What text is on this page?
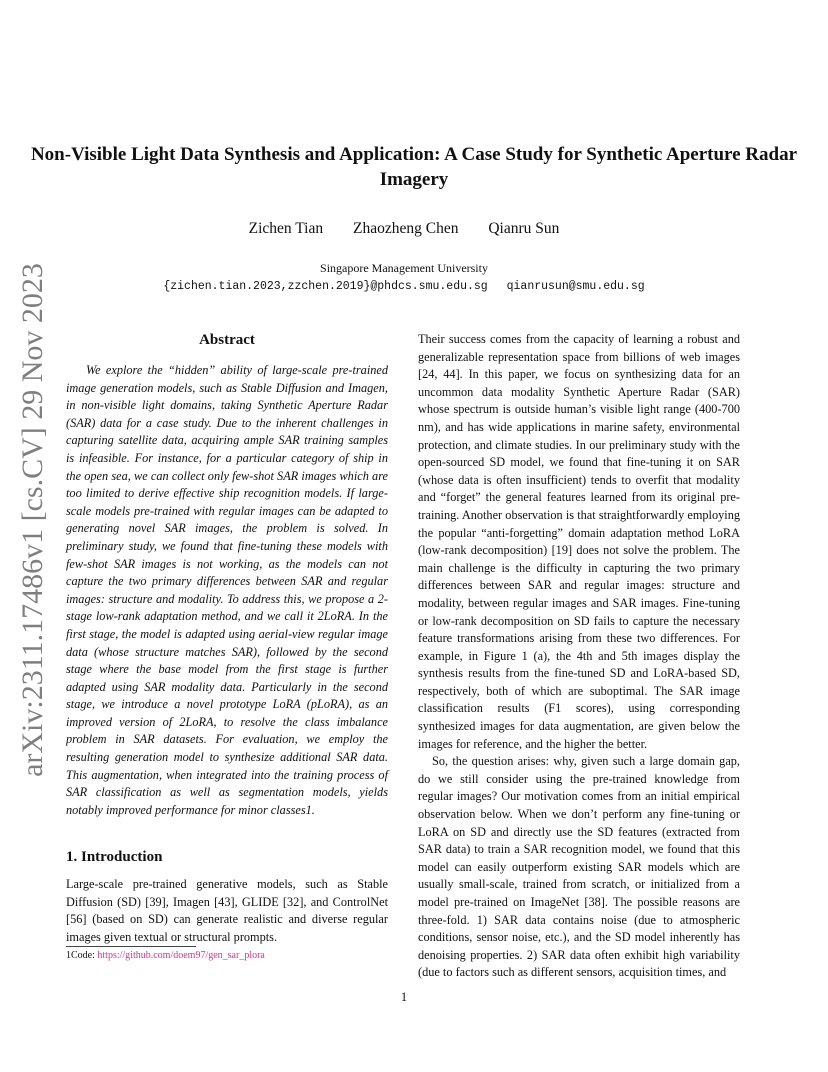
arXiv:2311.17486v1 [cs.CV] 29 Nov 2023
Non-Visible Light Data Synthesis and Application: A Case Study for Synthetic Aperture Radar Imagery
Zichen Tian Zhaozheng Chen Qianru Sun
Singapore Management University
{zichen.tian.2023,zzchen.2019}@phdcs.smu.edu.sg qianrusun@smu.edu.sg
Abstract

We explore the “hidden” ability of large-scale pre-trained image generation models, such as Stable Diffusion and Imagen, in non-visible light domains, taking Synthetic Aperture Radar (SAR) data for a case study. Due to the inherent challenges in capturing satellite data, acquiring ample SAR training samples is infeasible. For instance, for a particular category of ship in the open sea, we can collect only few-shot SAR images which are too limited to derive effective ship recognition models. If large-scale models pre-trained with regular images can be adapted to generating novel SAR images, the problem is solved. In preliminary study, we found that fine-tuning these models with few-shot SAR images is not working, as the models can not capture the two primary differences between SAR and regular images: structure and modality. To address this, we propose a 2-stage low-rank adaptation method, and we call it 2LoRA. In the first stage, the model is adapted using aerial-view regular image data (whose structure matches SAR), followed by the second stage where the base model from the first stage is further adapted using SAR modality data. Particularly in the second stage, we introduce a novel prototype LoRA (pLoRA), as an improved version of 2LoRA, to resolve the class imbalance problem in SAR datasets. For evaluation, we employ the resulting generation model to synthesize additional SAR data. This augmentation, when integrated into the training process of SAR classification as well as segmentation models, yields notably improved performance for minor classes1.

1. Introduction

Large-scale pre-trained generative models, such as Stable Diffusion (SD) [39], Imagen [43], GLIDE [32], and ControlNet [56] (based on SD) can generate realistic and diverse regular images given textual or structural prompts.

1Code: https://github.com/doem97/gen_sar_plora

Their success comes from the capacity of learning a robust and generalizable representation space from billions of web images [24, 44]. In this paper, we focus on synthesizing data for an uncommon data modality Synthetic Aperture Radar (SAR) whose spectrum is outside human’s visible light range (400-700 nm), and has wide applications in marine safety, environmental protection, and climate studies. In our preliminary study with the open-sourced SD model, we found that fine-tuning it on SAR (whose data is often insufficient) tends to overfit that modality and “forget” the general features learned from its original pre-training. Another observation is that straightforwardly employing the popular “anti-forgetting” domain adaptation method LoRA (low-rank decomposition) [19] does not solve the problem. The main challenge is the difficulty in capturing the two primary differences between SAR and regular images: structure and modality, between regular images and SAR images. Fine-tuning or low-rank decomposition on SD fails to capture the necessary feature transformations arising from these two differences. For example, in Figure 1 (a), the 4th and 5th images display the synthesis results from the fine-tuned SD and LoRA-based SD, respectively, both of which are suboptimal. The SAR image classification results (F1 scores), using corresponding synthesized images for data augmentation, are given below the images for reference, and the higher the better.

So, the question arises: why, given such a large domain gap, do we still consider using the pre-trained knowledge from regular images? Our motivation comes from an initial empirical observation below. When we don’t perform any fine-tuning or LoRA on SD and directly use the SD features (extracted from SAR data) to train a SAR recognition model, we found that this model can easily outperform existing SAR models which are usually small-scale, trained from scratch, or initialized from a model pre-trained on ImageNet [38]. The possible reasons are three-fold. 1) SAR data contains noise (due to atmospheric conditions, sensor noise, etc.), and the SD model inherently has denoising properties. 2) SAR data often exhibit high variability (due to factors such as different sensors, acquisition times, and

1
